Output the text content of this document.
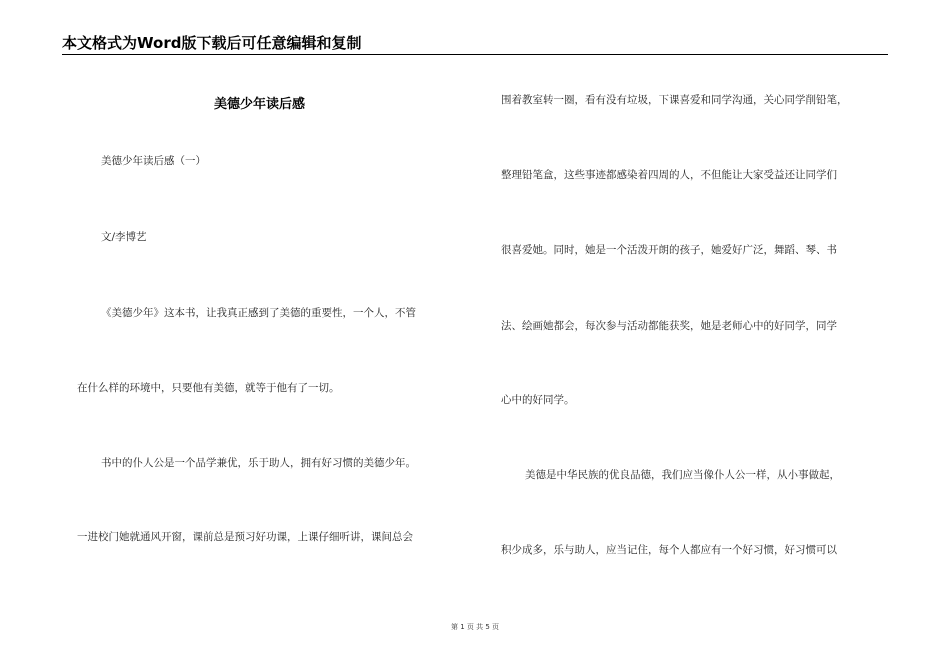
本文格式为Word版下载后可任意编辑和复制
美德少年读后感
美德少年读后感（一）
文/李博艺
《美德少年》这本书，让我真正感到了美德的重要性，一个人，不管
在什么样的环境中，只要他有美德，就等于他有了一切。
书中的仆人公是一个品学兼优，乐于助人，拥有好习惯的美德少年。
一进校门她就通风开窗，课前总是预习好功课，上课仔细听讲，课间总会
围着教室转一圈，看有没有垃圾，下课喜爱和同学沟通，关心同学削铅笔，
整理铅笔盒，这些事迹都感染着四周的人，不但能让大家受益还让同学们
很喜爱她。同时，她是一个活泼开朗的孩子，她爱好广泛，舞蹈、琴、书
法、绘画她都会，每次参与活动都能获奖，她是老师心中的好同学，同学
心中的好同学。
美德是中华民族的优良品德，我们应当像仆人公一样，从小事做起，
积少成多，乐与助人，应当记住，每个人都应有一个好习惯，好习惯可以
第 1 页 共 5 页
